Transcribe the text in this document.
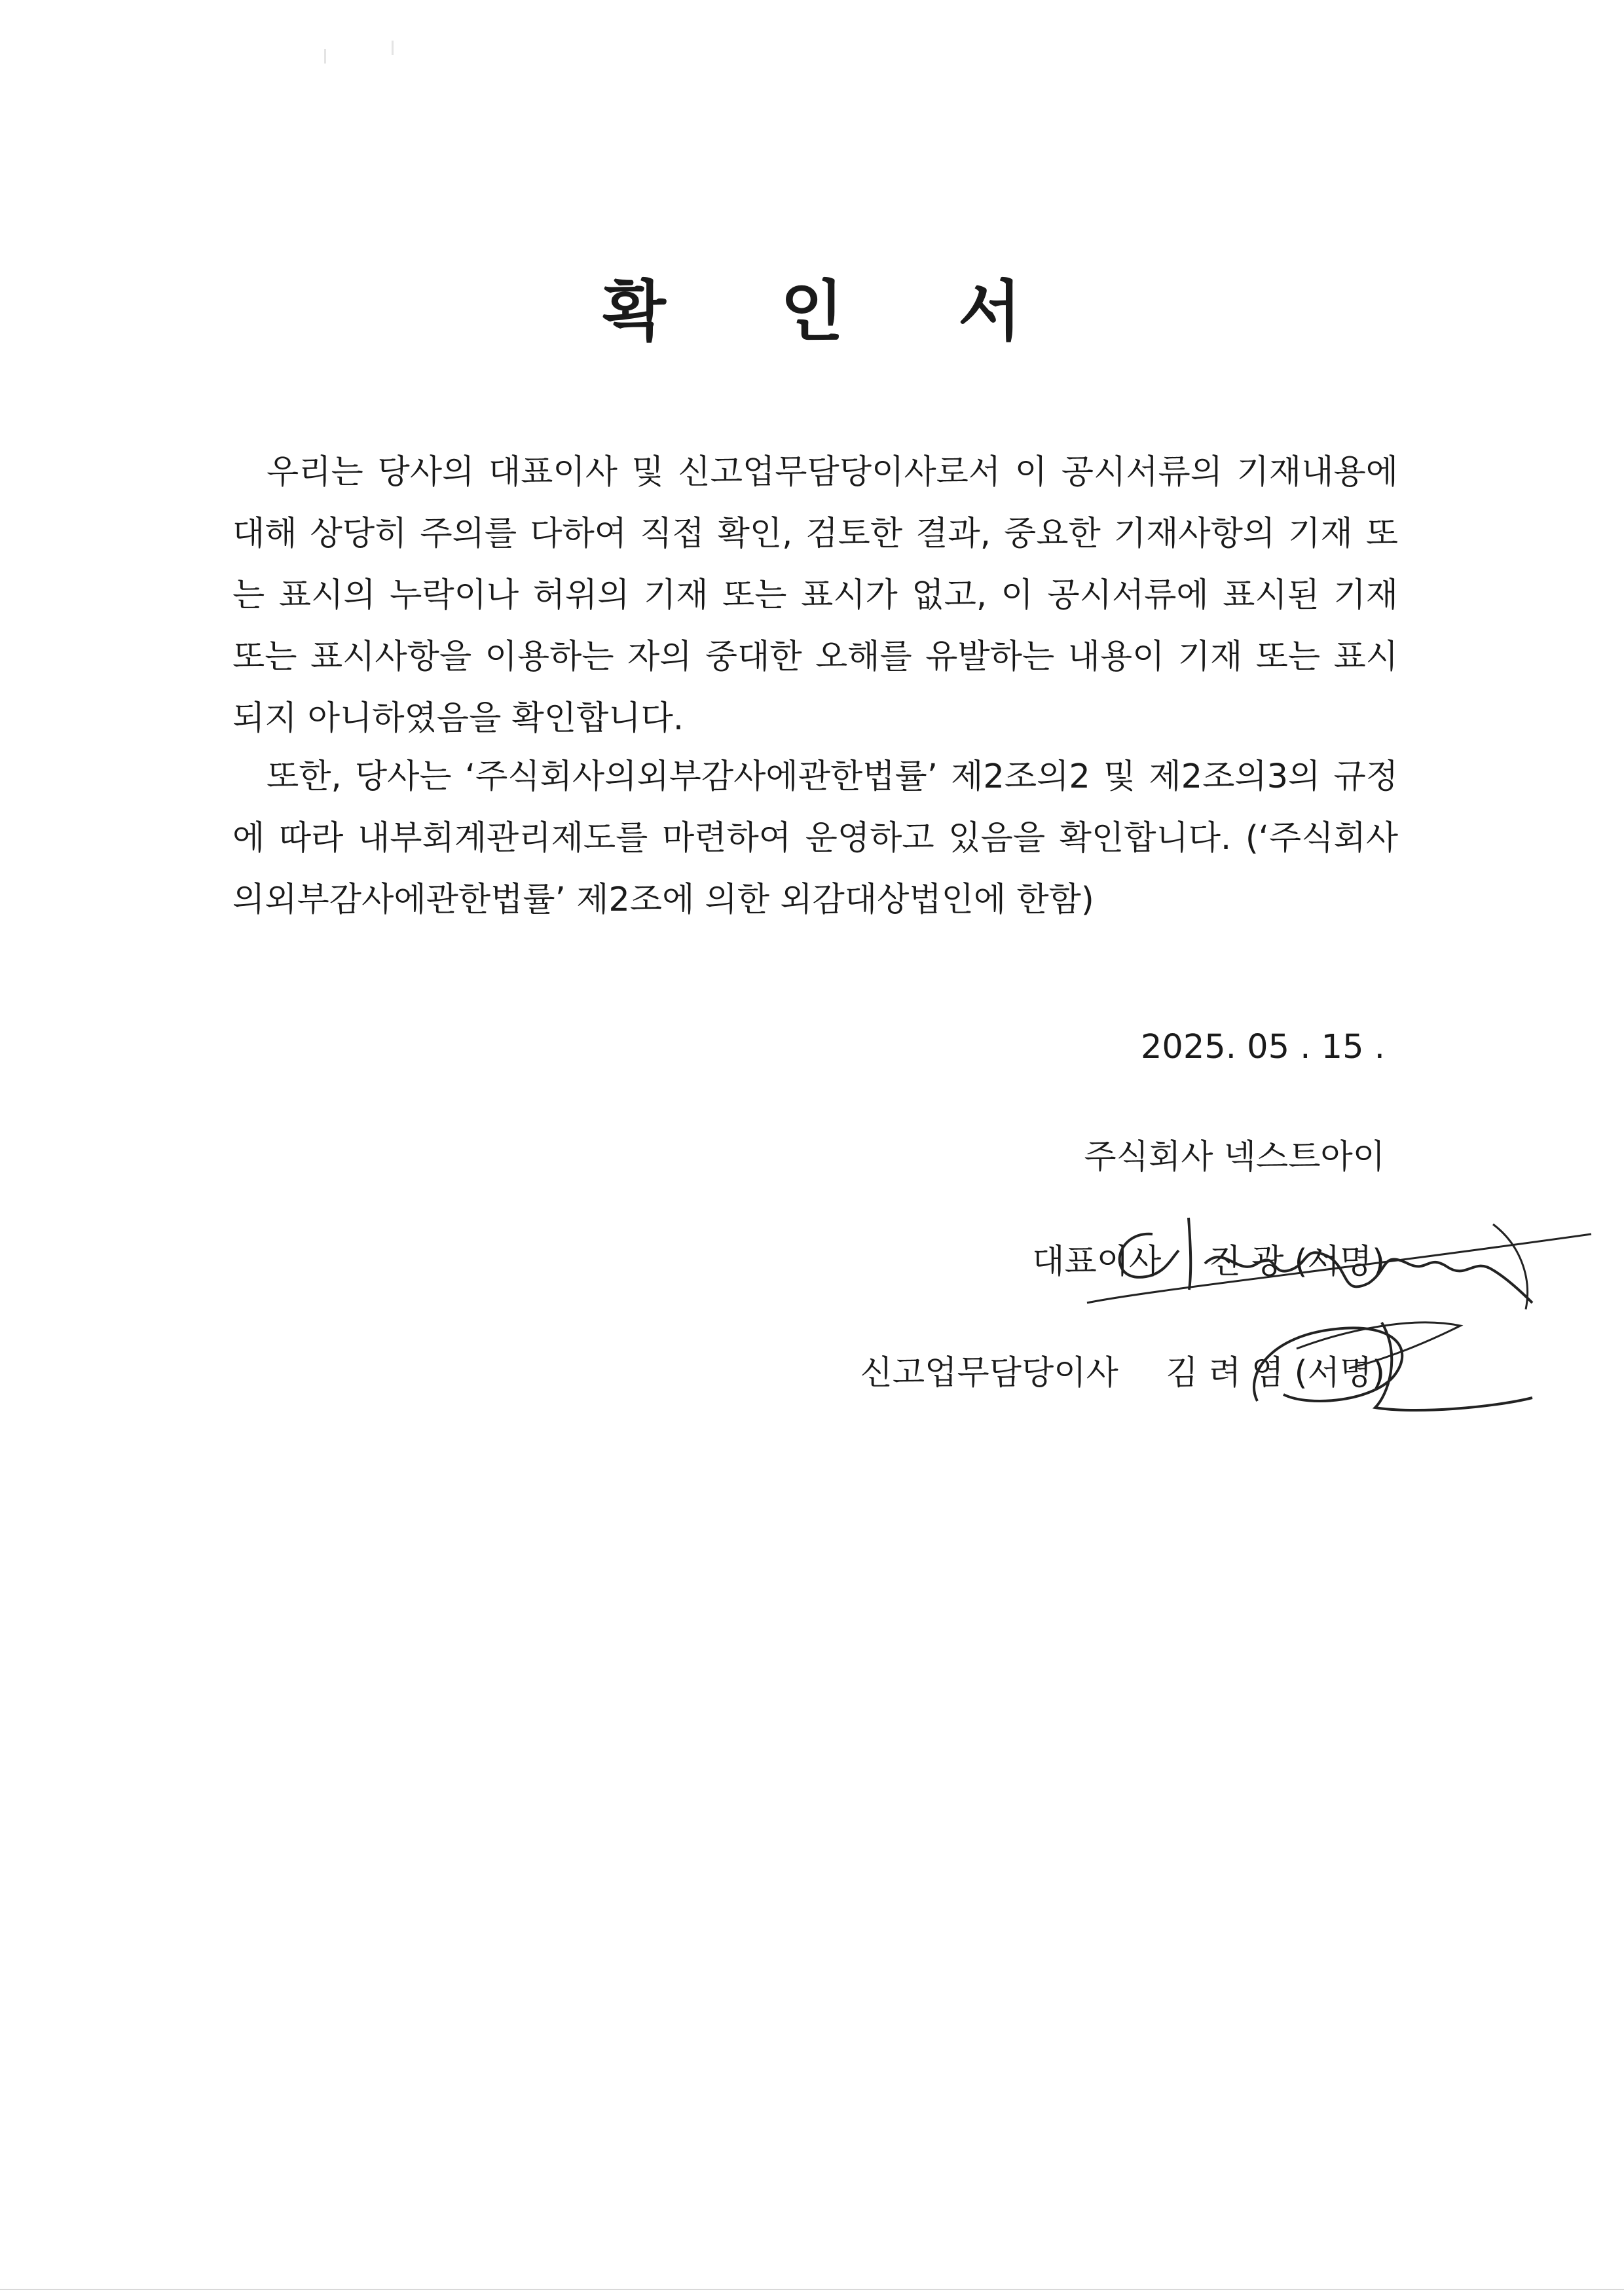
확 인 서

우리는 당사의 대표이사 및 신고업무담당이사로서 이 공시서류의 기재내용에 대해 상당히 주의를 다하여 직접 확인, 검토한 결과, 중요한 기재사항의 기재 또는 표시의 누락이나 허위의 기재 또는 표시가 없고, 이 공시서류에 표시된 기재 또는 표시사항을 이용하는 자의 중대한 오해를 유발하는 내용이 기재 또는 표시되지 아니하였음을 확인합니다.

또한, 당사는 ‘주식회사의외부감사에관한법률’ 제2조의2 및 제2조의3의 규정에 따라 내부회계관리제도를 마련하여 운영하고 있음을 확인합니다. (‘주식회사의외부감사에관한법률’ 제2조에 의한 외감대상법인에 한함)

2025. 05 . 15 .
주식회사 넥스트아이
대표이사 진 광 (서명)
신고업무담당이사 김 려 염 (서명)
